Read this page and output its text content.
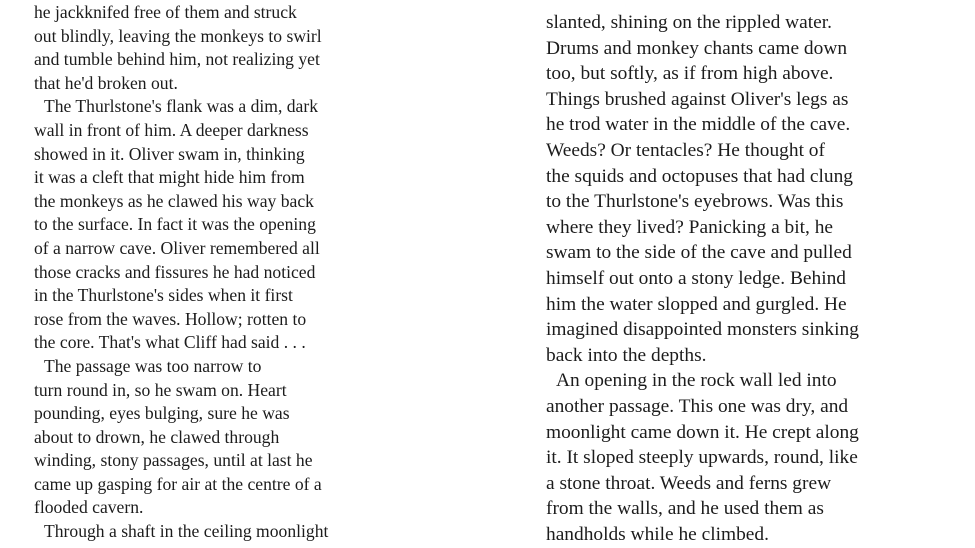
he jackknifed free of them and struck
out blindly, leaving the monkeys to swirl
and tumble behind him, not realizing yet
that he'd broken out.
The Thurlstone's flank was a dim, dark
wall in front of him. A deeper darkness
showed in it. Oliver swam in, thinking
it was a cleft that might hide him from
the monkeys as he clawed his way back
to the surface. In fact it was the opening
of a narrow cave. Oliver remembered all
those cracks and fissures he had noticed
in the Thurlstone's sides when it first
rose from the waves. Hollow; rotten to
the core. That's what Cliff had said . . .
The passage was too narrow to
turn round in, so he swam on. Heart
pounding, eyes bulging, sure he was
about to drown, he clawed through
winding, stony passages, until at last he
came up gasping for air at the centre of a
flooded cavern.
Through a shaft in the ceiling moonlight
slanted, shining on the rippled water.
Drums and monkey chants came down
too, but softly, as if from high above.
Things brushed against Oliver's legs as
he trod water in the middle of the cave.
Weeds? Or tentacles? He thought of
the squids and octopuses that had clung
to the Thurlstone's eyebrows. Was this
where they lived? Panicking a bit, he
swam to the side of the cave and pulled
himself out onto a stony ledge. Behind
him the water slopped and gurgled. He
imagined disappointed monsters sinking
back into the depths.
An opening in the rock wall led into
another passage. This one was dry, and
moonlight came down it. He crept along
it. It sloped steeply upwards, round, like
a stone throat. Weeds and ferns grew
from the walls, and he used them as
handholds while he climbed.
